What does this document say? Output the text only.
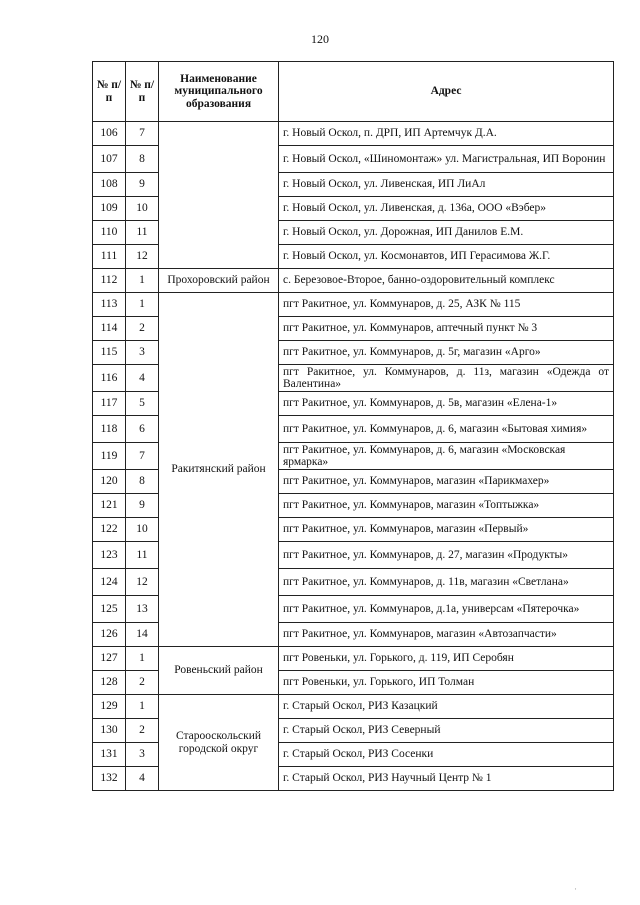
120
№ п/п	№ п/п	Наименование муниципального образования	Адрес
106	7		г. Новый Оскол, п. ДРП, ИП Артемчук Д.А.
107	8		г. Новый Оскол, «Шиномонтаж» ул. Магистральная, ИП Воронин
108	9		г. Новый Оскол, ул. Ливенская, ИП ЛиАл
109	10		г. Новый Оскол, ул. Ливенская, д. 136а, ООО «Вэбер»
110	11		г. Новый Оскол, ул. Дорожная, ИП Данилов Е.М.
111	12		г. Новый Оскол, ул. Космонавтов, ИП Герасимова Ж.Г.
112	1	Прохоровский район	с. Березовое-Второе, банно-оздоровительный комплекс
113	1	Ракитянский район	пгт Ракитное, ул. Коммунаров, д. 25, АЗК № 115
114	2		пгт Ракитное, ул. Коммунаров, аптечный пункт № 3
115	3		пгт Ракитное, ул. Коммунаров, д. 5г, магазин «Арго»
116	4		пгт Ракитное, ул. Коммунаров, д. 11з, магазин «Одежда от Валентина»
117	5		пгт Ракитное, ул. Коммунаров, д. 5в, магазин «Елена-1»
118	6		пгт Ракитное, ул. Коммунаров, д. 6, магазин «Бытовая химия»
119	7		пгт Ракитное, ул. Коммунаров, д. 6, магазин «Московская ярмарка»
120	8		пгт Ракитное, ул. Коммунаров, магазин «Парикмахер»
121	9		пгт Ракитное, ул. Коммунаров, магазин «Топтыжка»
122	10		пгт Ракитное, ул. Коммунаров, магазин «Первый»
123	11		пгт Ракитное, ул. Коммунаров, д. 27, магазин «Продукты»
124	12		пгт Ракитное, ул. Коммунаров, д. 11в, магазин «Светлана»
125	13		пгт Ракитное, ул. Коммунаров, д.1а, универсам «Пятерочка»
126	14		пгт Ракитное, ул. Коммунаров, магазин «Автозапчасти»
127	1	Ровеньский район	пгт Ровеньки, ул. Горького, д. 119, ИП Серобян
128	2		пгт Ровеньки, ул. Горького, ИП Толман
129	1	Старооскольский городской округ	г. Старый Оскол, РИЗ Казацкий
130	2		г. Старый Оскол, РИЗ Северный
131	3		г. Старый Оскол, РИЗ Сосенки
132	4		г. Старый Оскол, РИЗ Научный Центр № 1
·
